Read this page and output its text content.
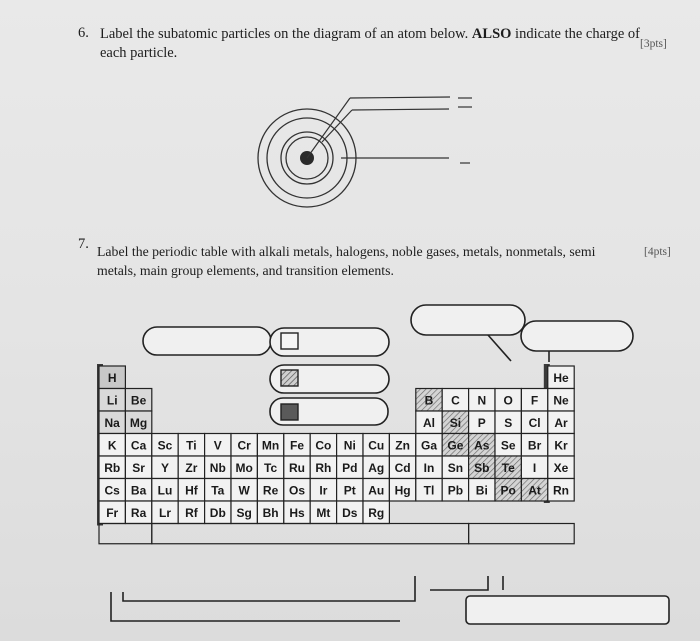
6. Label the subatomic particles on the diagram of an atom below. ALSO indicate the charge of
each particle.
[3pts]
7. Label the periodic table with alkali metals, halogens, noble gases, metals, nonmetals, semi
metals, main group elements, and transition elements.
[4pts]
H	He
Li Be	B C N O F Ne
Na Mg	Al Si P S Cl Ar
K Ca Sc Ti V Cr Mn Fe Co Ni Cu Zn Ga Ge As Se Br Kr
Rb Sr Y Zr Nb Mo Tc Ru Rh Pd Ag Cd In Sn Sb Te I Xe
Cs Ba Lu Hf Ta W Re Os Ir Pt Au Hg Tl Pb Bi Po At Rn
Fr Ra Lr Rf Db Sg Bh Hs Mt Ds Rg
